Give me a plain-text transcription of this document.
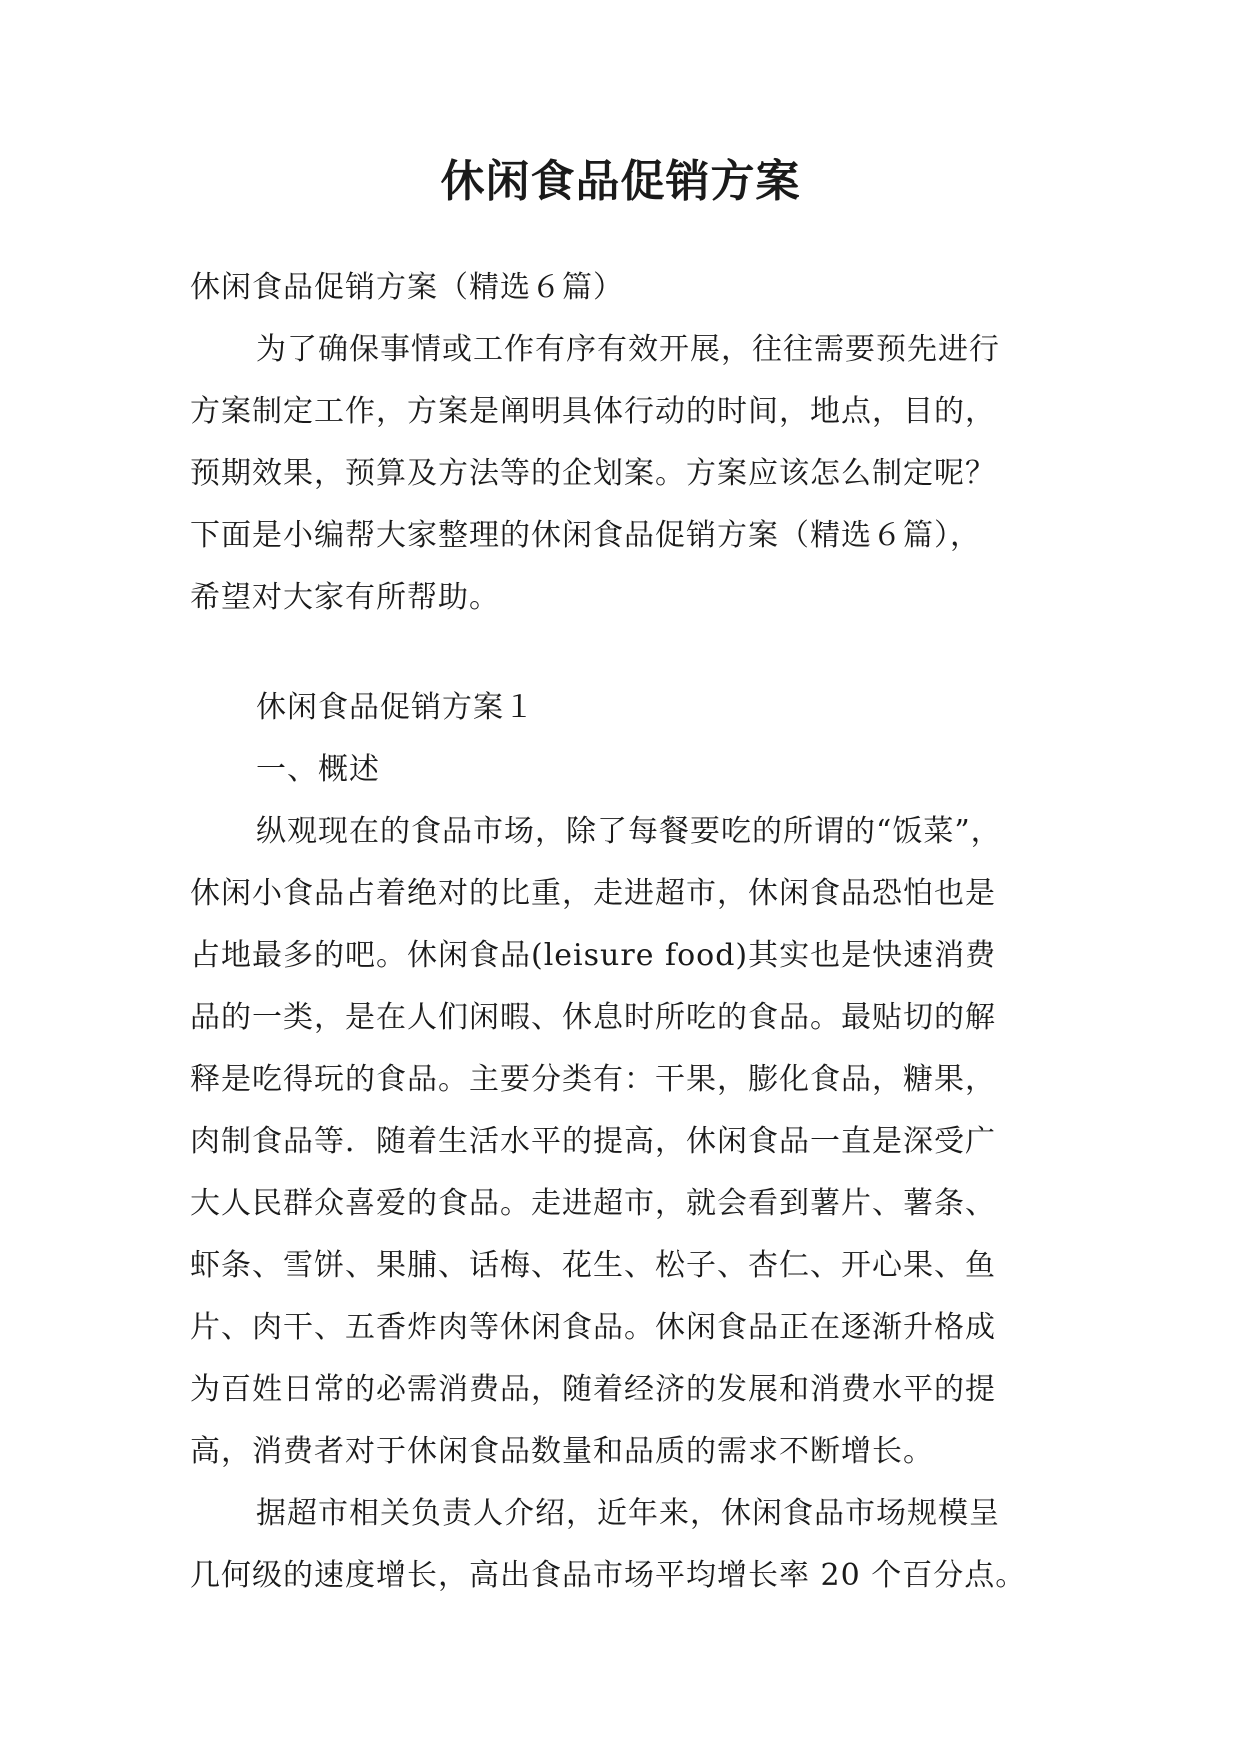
休闲食品促销方案
休闲食品促销方案（精选６篇）
为了确保事情或工作有序有效开展，往往需要预先进行
方案制定工作，方案是阐明具体行动的时间，地点，目的，
预期效果，预算及方法等的企划案。方案应该怎么制定呢？
下面是小编帮大家整理的休闲食品促销方案（精选６篇），
希望对大家有所帮助。
休闲食品促销方案１
一、概述
纵观现在的食品市场，除了每餐要吃的所谓的“饭菜”，
休闲小食品占着绝对的比重，走进超市，休闲食品恐怕也是
占地最多的吧。休闲食品(leisure food)其实也是快速消费
品的一类，是在人们闲暇、休息时所吃的食品。最贴切的解
释是吃得玩的食品。主要分类有：干果，膨化食品，糖果，
肉制食品等．随着生活水平的提高，休闲食品一直是深受广
大人民群众喜爱的食品。走进超市，就会看到薯片、薯条、
虾条、雪饼、果脯、话梅、花生、松子、杏仁、开心果、鱼
片、肉干、五香炸肉等休闲食品。休闲食品正在逐渐升格成
为百姓日常的必需消费品，随着经济的发展和消费水平的提
高，消费者对于休闲食品数量和品质的需求不断增长。
据超市相关负责人介绍，近年来，休闲食品市场规模呈
几何级的速度增长，高出食品市场平均增长率 20 个百分点。
